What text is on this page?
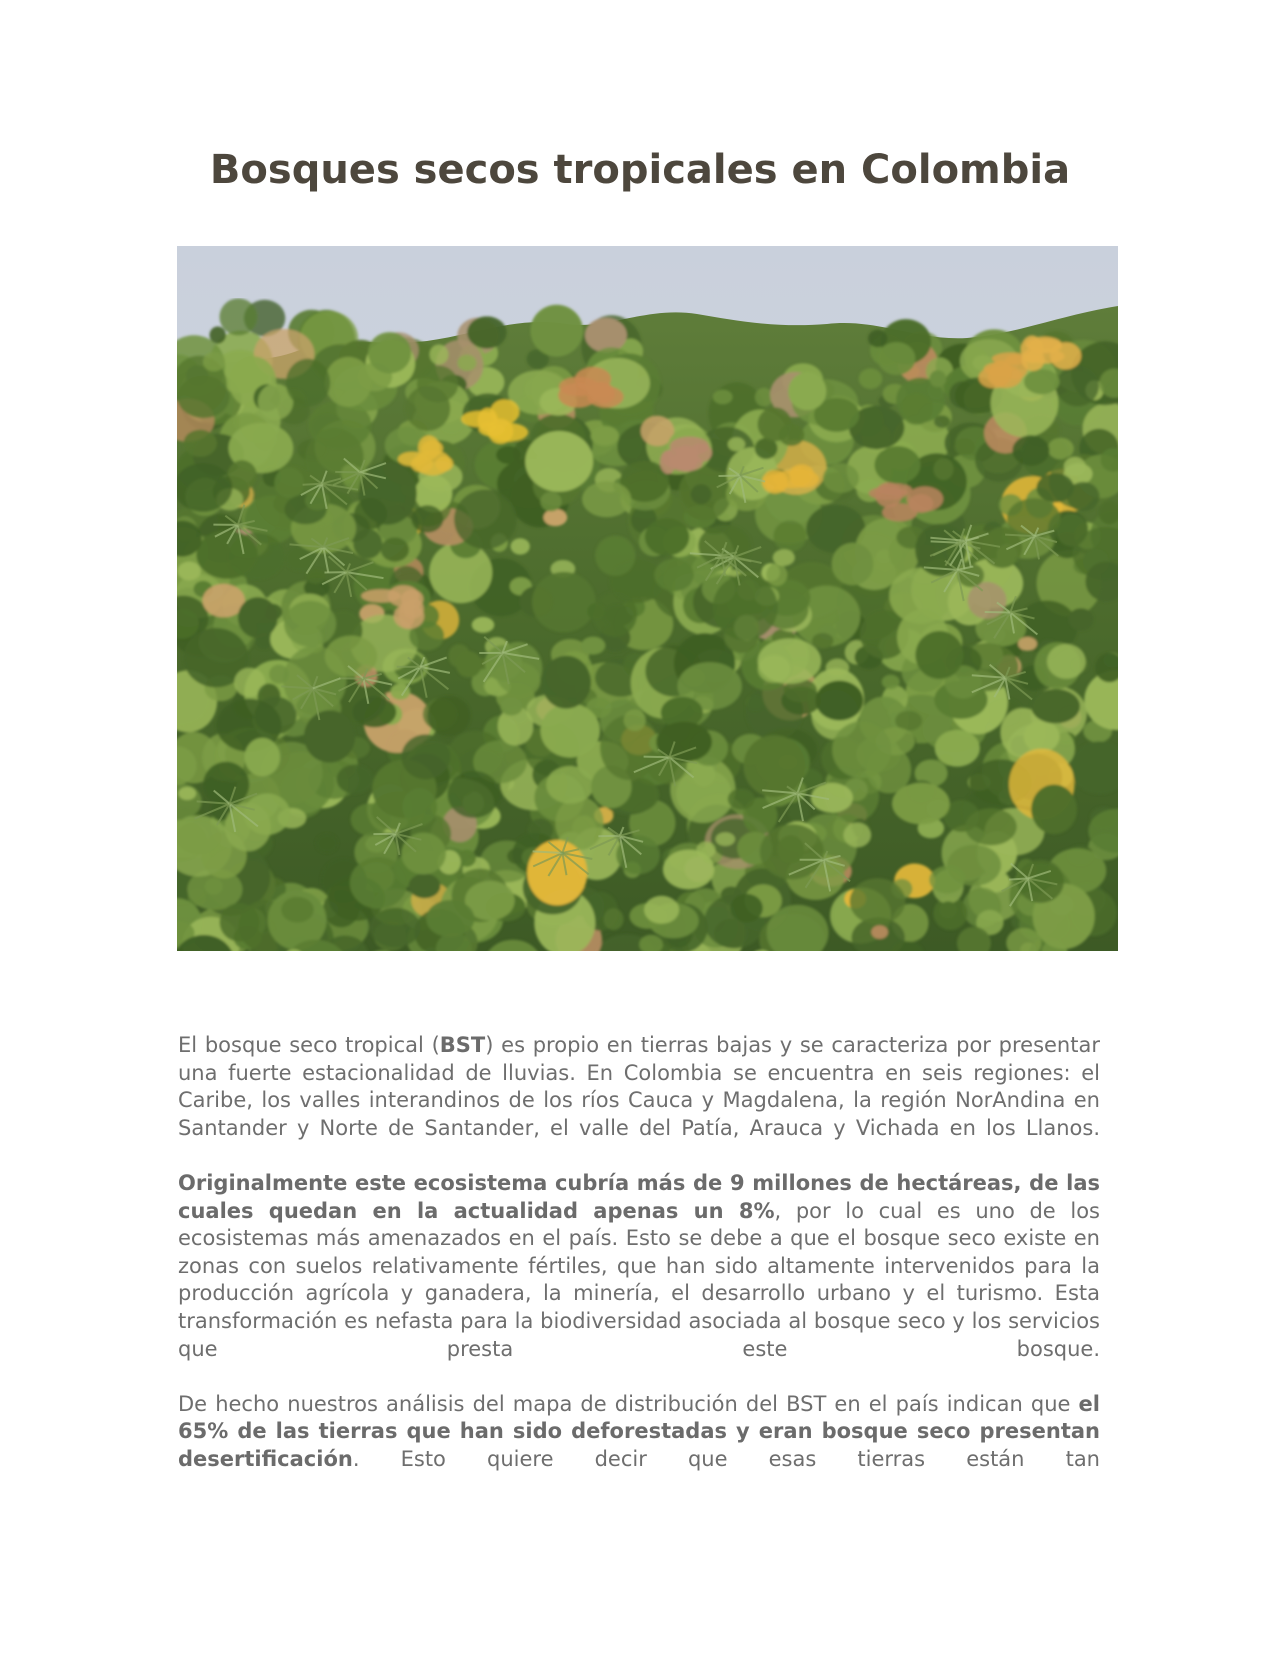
Bosques secos tropicales en Colombia

El bosque seco tropical (BST) es propio en tierras bajas y se caracteriza por presentar una fuerte estacionalidad de lluvias. En Colombia se encuentra en seis regiones: el Caribe, los valles interandinos de los ríos Cauca y Magdalena, la región NorAndina en Santander y Norte de Santander, el valle del Patía, Arauca y Vichada en los Llanos.

Originalmente este ecosistema cubría más de 9 millones de hectáreas, de las cuales quedan en la actualidad apenas un 8%, por lo cual es uno de los ecosistemas más amenazados en el país. Esto se debe a que el bosque seco existe en zonas con suelos relativamente fértiles, que han sido altamente intervenidos para la producción agrícola y ganadera, la minería, el desarrollo urbano y el turismo. Esta transformación es nefasta para la biodiversidad asociada al bosque seco y los servicios que presta este bosque.

De hecho nuestros análisis del mapa de distribución del BST en el país indican que el 65% de las tierras que han sido deforestadas y eran bosque seco presentan desertificación. Esto quiere decir que esas tierras están tan
